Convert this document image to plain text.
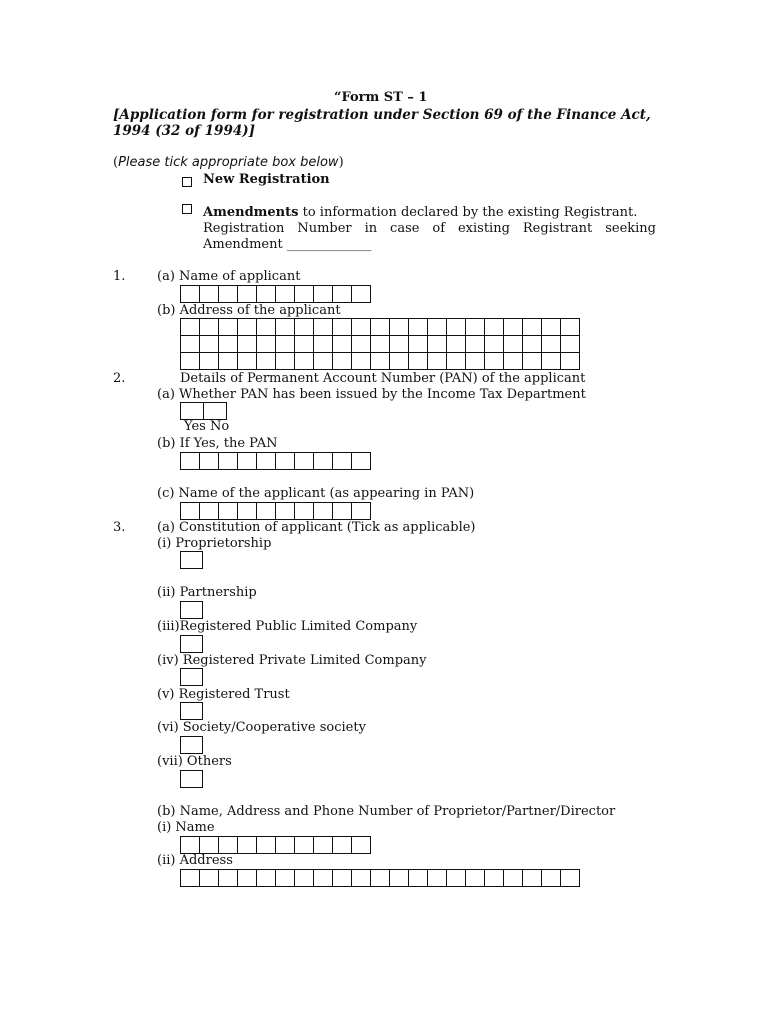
“Form ST – 1
[Application form for registration under Section 69 of the Finance Act,
1994 (32 of 1994)]
(Please tick appropriate box below)
New Registration
Amendments to information declared by the existing Registrant.
Registration Number in case of existing Registrant seeking
Amendment _____________
1. (a) Name of applicant
(b) Address of the applicant
2.	Details of Permanent Account Number (PAN) of the applicant
(a) Whether PAN has been issued by the Income Tax Department
Yes No
(b) If Yes, the PAN
(c) Name of the applicant (as appearing in PAN)
3. (a) Constitution of applicant (Tick as applicable)
(i) Proprietorship
(ii) Partnership
(iii)Registered Public Limited Company
(iv) Registered Private Limited Company
(v) Registered Trust
(vi) Society/Cooperative society
(vii) Others
(b) Name, Address and Phone Number of Proprietor/Partner/Director
(i) Name
(ii) Address
